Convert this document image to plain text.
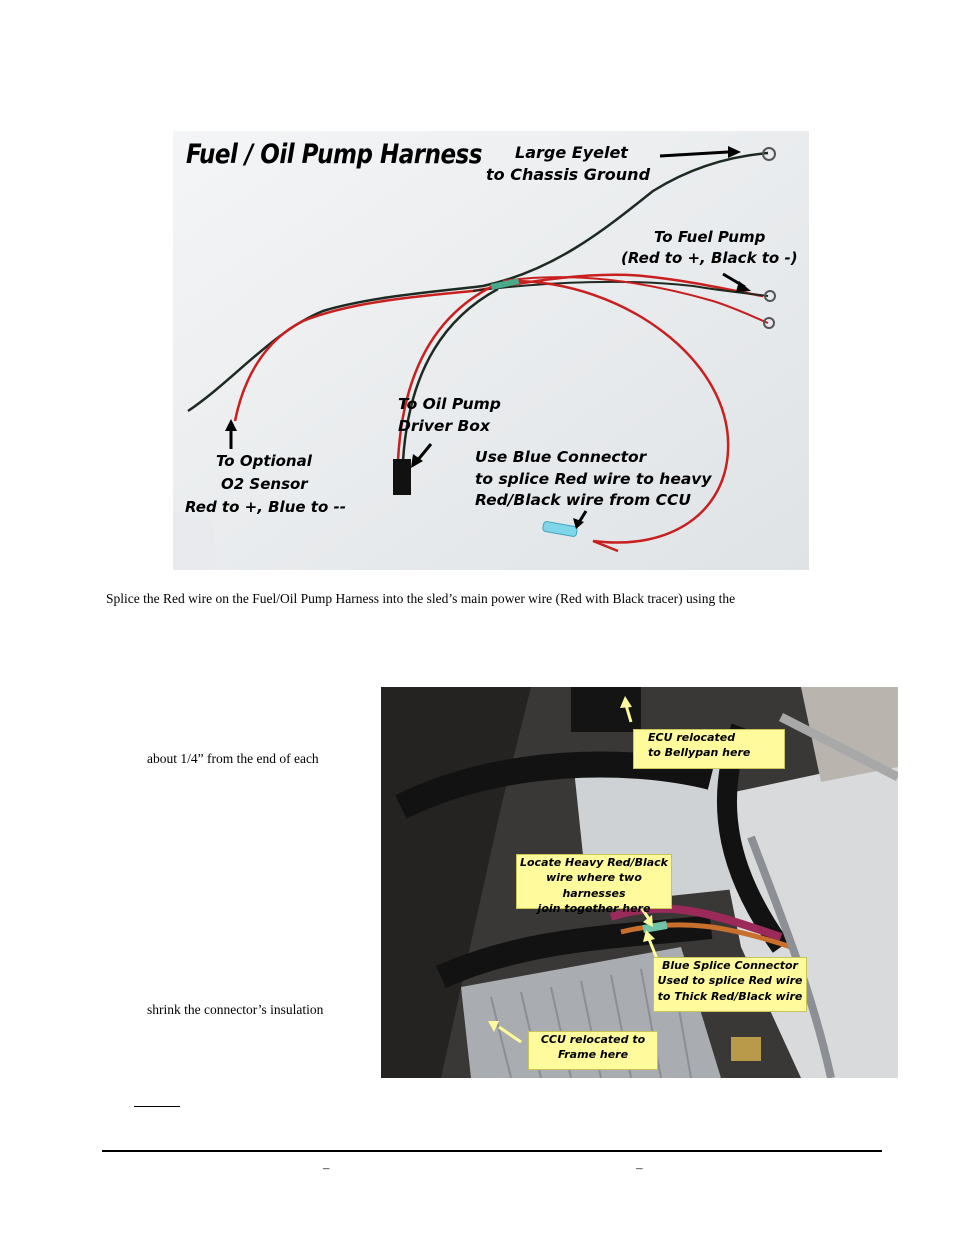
Fuel / Oil Pump Harness Large Eyelet
to Chassis Ground
To Fuel Pump
(Red to +, Black to -)
To Oil Pump
Driver Box
To Optional
O2 Sensor
Red to +, Blue to --
Use Blue Connector
to splice Red wire to heavy
Red/Black wire from CCU
Splice the Red wire on the Fuel/Oil Pump Harness into the sled’s main power wire (Red with Black tracer) using the
about 1/4” from the end of each
shrink the connector’s insulation
ECU relocated
to Bellypan here
Locate Heavy Red/Black
wire where two harnesses
join together here
Blue Splice Connector
Used to splice Red wire
to Thick Red/Black wire
CCU relocated to
Frame here
–	–
